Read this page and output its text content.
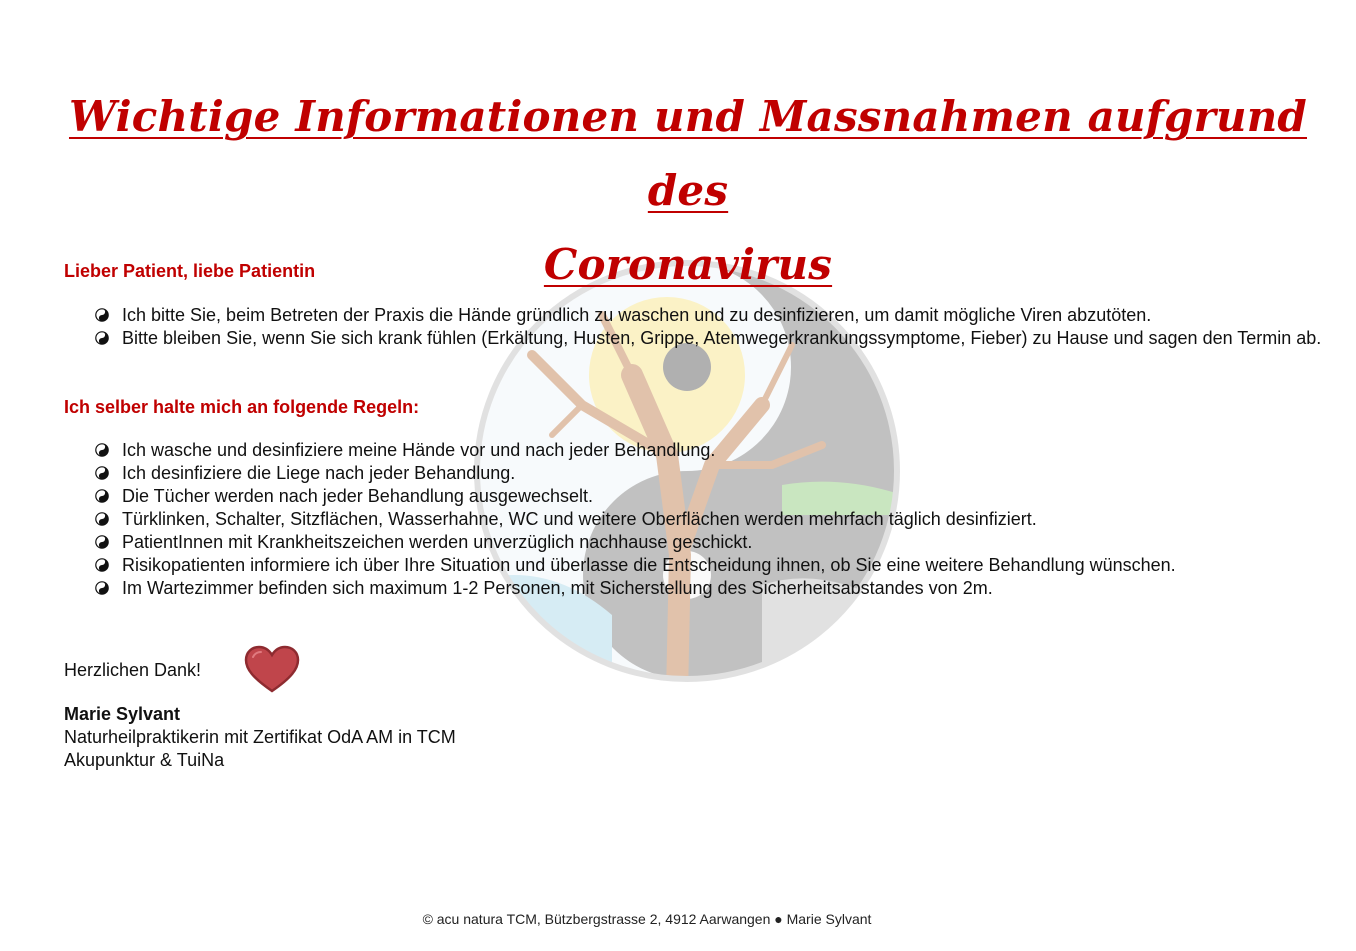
Wichtige Informationen und Massnahmen aufgrund des
Coronavirus

Lieber Patient, liebe Patientin

Ich bitte Sie, beim Betreten der Praxis die Hände gründlich zu waschen und zu desinfizieren, um damit mögliche Viren abzutöten.
Bitte bleiben Sie, wenn Sie sich krank fühlen (Erkältung, Husten, Grippe, Atemwegerkrankungssymptome, Fieber) zu Hause und sagen den Termin ab.

Ich selber halte mich an folgende Regeln:

Ich wasche und desinfiziere meine Hände vor und nach jeder Behandlung.
Ich desinfiziere die Liege nach jeder Behandlung.
Die Tücher werden nach jeder Behandlung ausgewechselt.
Türklinken, Schalter, Sitzflächen, Wasserhahne, WC und weitere Oberflächen werden mehrfach täglich desinfiziert.
PatientInnen mit Krankheitszeichen werden unverzüglich nachhause geschickt.
Risikopatienten informiere ich über Ihre Situation und überlasse die Entscheidung ihnen, ob Sie eine weitere Behandlung wünschen.
Im Wartezimmer befinden sich maximum 1-2 Personen, mit Sicherstellung des Sicherheitsabstandes von 2m.
Herzlichen Dank!
Marie Sylvant
Naturheilpraktikerin mit Zertifikat OdA AM in TCM
Akupunktur & TuiNa
© acu natura TCM, Bützbergstrasse 2, 4912 Aarwangen ● Marie Sylvant
